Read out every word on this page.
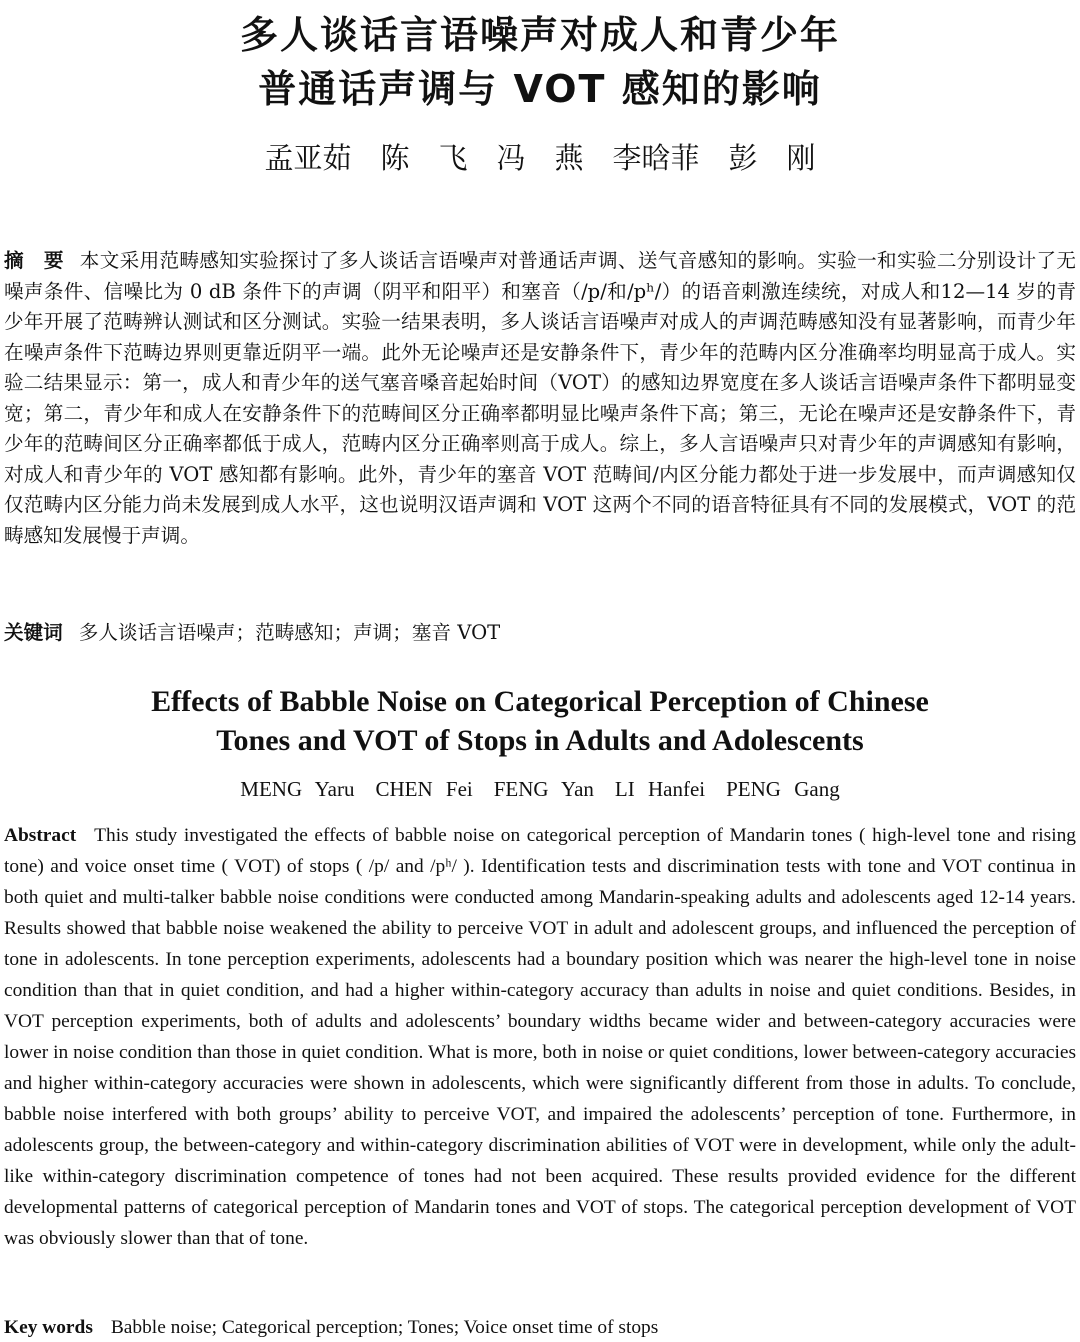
多人谈话言语噪声对成人和青少年
普通话声调与 VOT 感知的影响
孟亚茹　陈　飞　冯　燕　李晗菲　彭　刚
摘　要 本文采用范畴感知实验探讨了多人谈话言语噪声对普通话声调、送气音感知的影响。实验一和实验二分别设计了无噪声条件、信噪比为 0 dB 条件下的声调（阴平和阳平）和塞音（/p/和/pʰ/）的语音刺激连续统，对成人和12—14 岁的青少年开展了范畴辨认测试和区分测试。实验一结果表明，多人谈话言语噪声对成人的声调范畴感知没有显著影响，而青少年在噪声条件下范畴边界则更靠近阴平一端。此外无论噪声还是安静条件下，青少年的范畴内区分准确率均明显高于成人。实验二结果显示：第一，成人和青少年的送气塞音嗓音起始时间（VOT）的感知边界宽度在多人谈话言语噪声条件下都明显变宽；第二，青少年和成人在安静条件下的范畴间区分正确率都明显比噪声条件下高；第三，无论在噪声还是安静条件下，青少年的范畴间区分正确率都低于成人，范畴内区分正确率则高于成人。综上，多人言语噪声只对青少年的声调感知有影响，对成人和青少年的 VOT 感知都有影响。此外，青少年的塞音 VOT 范畴间/内区分能力都处于进一步发展中，而声调感知仅仅范畴内区分能力尚未发展到成人水平，这也说明汉语声调和 VOT 这两个不同的语音特征具有不同的发展模式，VOT 的范畴感知发展慢于声调。
关键词 多人谈话言语噪声；范畴感知；声调；塞音 VOT
Effects of Babble Noise on Categorical Perception of Chinese
Tones and VOT of Stops in Adults and Adolescents
MENG Yaru　CHEN Fei　FENG Yan　LI Hanfei　PENG Gang
Abstract This study investigated the effects of babble noise on categorical perception of Mandarin tones ( high-level tone and rising tone) and voice onset time ( VOT) of stops ( /p/ and /pʰ/ ). Identification tests and discrimination tests with tone and VOT continua in both quiet and multi-talker babble noise conditions were conducted among Mandarin-speaking adults and adolescents aged 12-14 years. Results showed that babble noise weakened the ability to perceive VOT in adult and adolescent groups, and influenced the perception of tone in adolescents. In tone perception experiments, adolescents had a boundary position which was nearer the high-level tone in noise condition than that in quiet condition, and had a higher within-category accuracy than adults in noise and quiet conditions. Besides, in VOT perception experiments, both of adults and adolescents’ boundary widths became wider and between-category accuracies were lower in noise condition than those in quiet condition. What is more, both in noise or quiet conditions, lower between-category accuracies and higher within-category accuracies were shown in adolescents, which were significantly different from those in adults. To conclude, babble noise interfered with both groups’ ability to perceive VOT, and impaired the adolescents’ perception of tone. Furthermore, in adolescents group, the between-category and within-category discrimination abilities of VOT were in development, while only the adult-like within-category discrimination competence of tones had not been acquired. These results provided evidence for the different developmental patterns of categorical perception of Mandarin tones and VOT of stops. The categorical perception development of VOT was obviously slower than that of tone.
Key words Babble noise; Categorical perception; Tones; Voice onset time of stops
